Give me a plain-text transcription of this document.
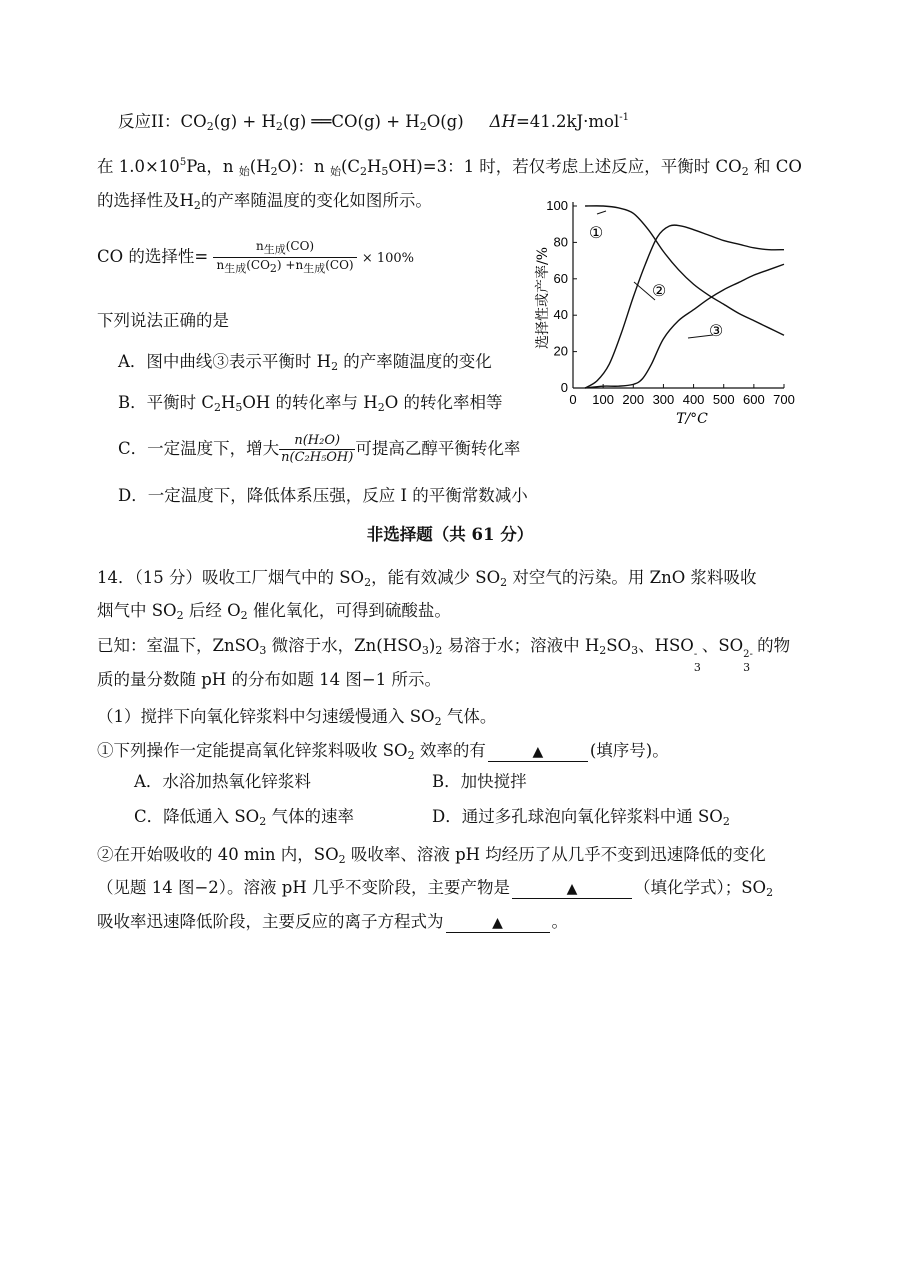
反应II：$CO_2(g) + H_2(g)$ ══CO(g) + $H_2O(g)$ ΔH=41.2kJ·mol$^{-1}$
在 $1.0\times 10^5Pa$，n $_始(H_2O)$：n $_始(C_2H_5OH)=3$：1 时，若仅考虑上述反应，平衡时 $CO_2$ 和 CO
的选择性及$H_2$的产率随温度的变化如图所示。
CO 的选择性= $\frac{\text{n生成(CO)}}{\text{n生成(CO2) +n生成(CO)}} \times 100\%$
下列说法正确的是
A．图中曲线③表示平衡时 $H_2$ 的产率随温度的变化
B．平衡时 $C_2H_5OH$ 的转化率与 $H_2O$ 的转化率相等
C．一定温度下，增大 $\frac{\text{n(H₂O)}}{\text{n(C₂H₅OH)}}$ 可提高乙醇平衡转化率
D．一定温度下，降低体系压强，反应 I 的平衡常数减小
非选择题（共 61 分）
14．（15 分）吸收工厂烟气中的 $SO_2$，能有效减少 $SO_2$ 对空气的污染。用 ZnO 浆料吸收
烟气中 $SO_2$ 后经 $O_2$ 催化氧化，可得到硫酸盐。
已知：室温下，ZnSO$_3$ 微溶于水，$Zn(HSO_3)_2$ 易溶于水；溶液中 $H_2SO_3$、HSO -
3
、SO 2-
3
的物
质的量分数随 pH 的分布如题 14 图−1 所示。
（1）搅拌下向氧化锌浆料中匀速缓慢通入 $SO_2$ 气体。
①下列操作一定能提高氧化锌浆料吸收 $SO_2$ 效率的有	▲	(填序号)。
A．水浴加热氧化锌浆料	B．加快搅拌
C．降低通入 $SO_2$ 气体的速率	D．通过多孔球泡向氧化锌浆料中通 $SO_2$
②在开始吸收的 40 min 内，$SO_2$ 吸收率、溶液 pH 均经历了从几乎不变到迅速降低的变化
（见题 14 图−2）。溶液 pH 几乎不变阶段，主要产物是	▲	（填化学式）；$SO_2$
吸收率迅速降低阶段，主要反应的离子方程式为	▲	。
0 100 200 300 400 500 600 700
0
20
40
60
80
100
①
②
③
选择性或产率/%
T/°C
